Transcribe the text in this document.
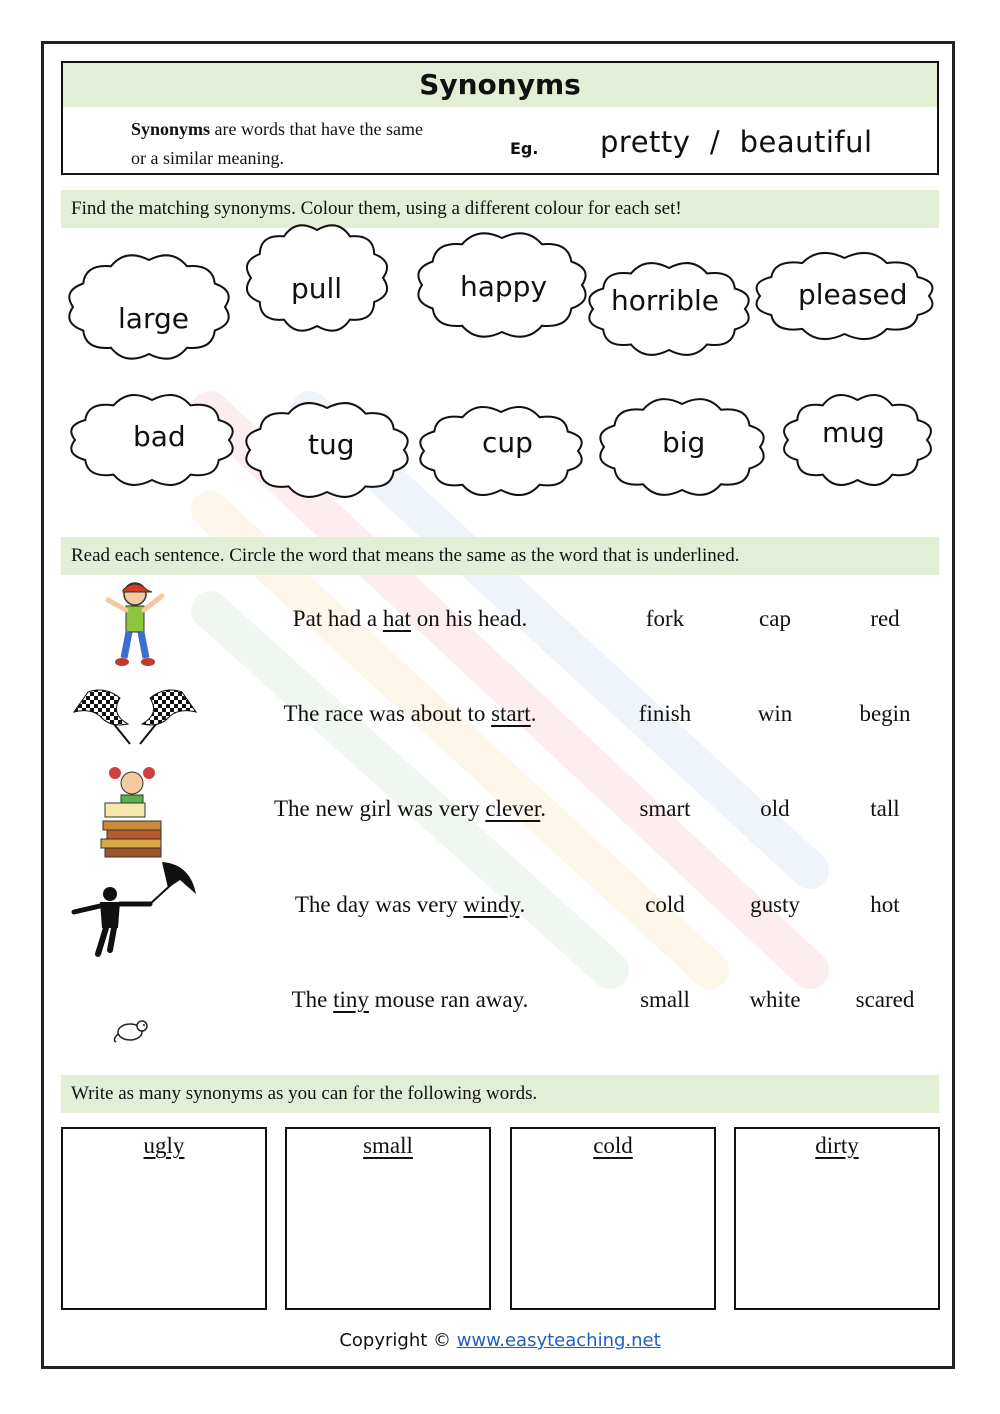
Synonyms
Synonyms are words that have the same
or a similar meaning.	Eg. pretty  /  beautiful
Find the matching synonyms. Colour them, using a different colour for each set!
large
pull	happy horrible	pleased
bad	tug	cup	big	mug
Read each sentence. Circle the word that means the same as the word that is underlined.
Pat had a hat on his head.	fork	cap	red
The race was about to start.	finish	win	begin
The new girl was very clever.	smart	old	tall
The day was very windy.	cold	gusty	hot
The tiny mouse ran away.	small	white	scared
Write as many synonyms as you can for the following words.
ugly	small	cold	dirty
Copyright © www.easyteaching.net
